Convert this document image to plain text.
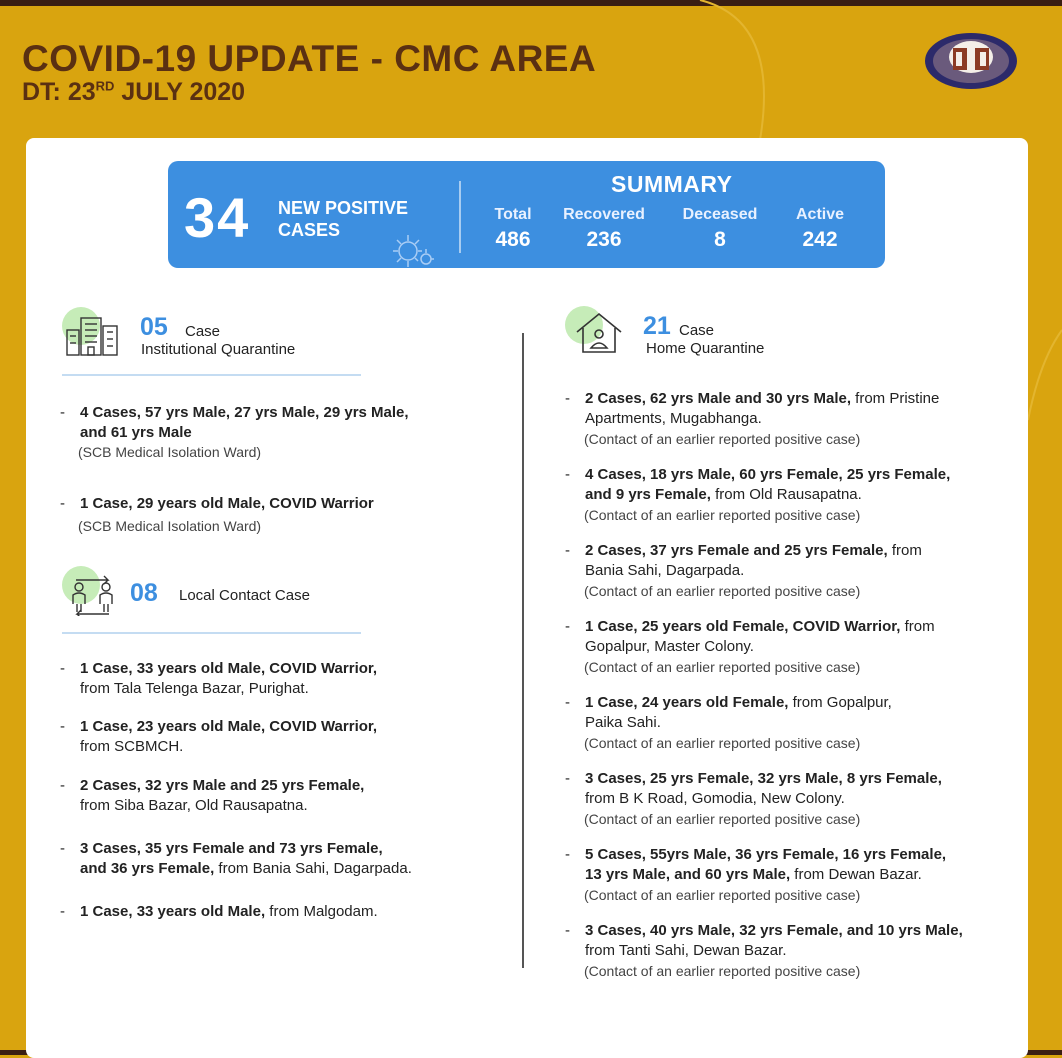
COVID-19 UPDATE - CMC AREA
DT: 23RD JULY 2020
34 NEW POSITIVE
CASES
SUMMARY
Total
486
Recovered
236
Deceased
8
Active
242
05 Case
Institutional Quarantine
- 4 Cases, 57 yrs Male, 27 yrs Male, 29 yrs Male,
and 61 yrs Male
(SCB Medical Isolation Ward)
- 1 Case, 29 years old Male, COVID Warrior
(SCB Medical Isolation Ward)
08 Local Contact Case
- 1 Case, 33 years old Male, COVID Warrior,
from Tala Telenga Bazar, Purighat.
- 1 Case, 23 years old Male, COVID Warrior,
from SCBMCH.
- 2 Cases, 32 yrs Male and 25 yrs Female,
from Siba Bazar, Old Rausapatna.
- 3 Cases, 35 yrs Female and 73 yrs Female,
and 36 yrs Female, from Bania Sahi, Dagarpada.
- 1 Case, 33 years old Male, from Malgodam.
21 Case
Home Quarantine
- 2 Cases, 62 yrs Male and 30 yrs Male, from Pristine
Apartments, Mugabhanga.
(Contact of an earlier reported positive case)
- 4 Cases, 18 yrs Male, 60 yrs Female, 25 yrs Female,
and 9 yrs Female, from Old Rausapatna.
(Contact of an earlier reported positive case)
- 2 Cases, 37 yrs Female and 25 yrs Female, from
Bania Sahi, Dagarpada.
(Contact of an earlier reported positive case)
- 1 Case, 25 years old Female, COVID Warrior, from
Gopalpur, Master Colony.
(Contact of an earlier reported positive case)
- 1 Case, 24 years old Female, from Gopalpur,
Paika Sahi.
(Contact of an earlier reported positive case)
- 3 Cases, 25 yrs Female, 32 yrs Male, 8 yrs Female,
from B K Road, Gomodia, New Colony.
(Contact of an earlier reported positive case)
- 5 Cases, 55yrs Male, 36 yrs Female, 16 yrs Female,
13 yrs Male, and 60 yrs Male, from Dewan Bazar.
(Contact of an earlier reported positive case)
- 3 Cases, 40 yrs Male, 32 yrs Female, and 10 yrs Male,
from Tanti Sahi, Dewan Bazar.
(Contact of an earlier reported positive case)
